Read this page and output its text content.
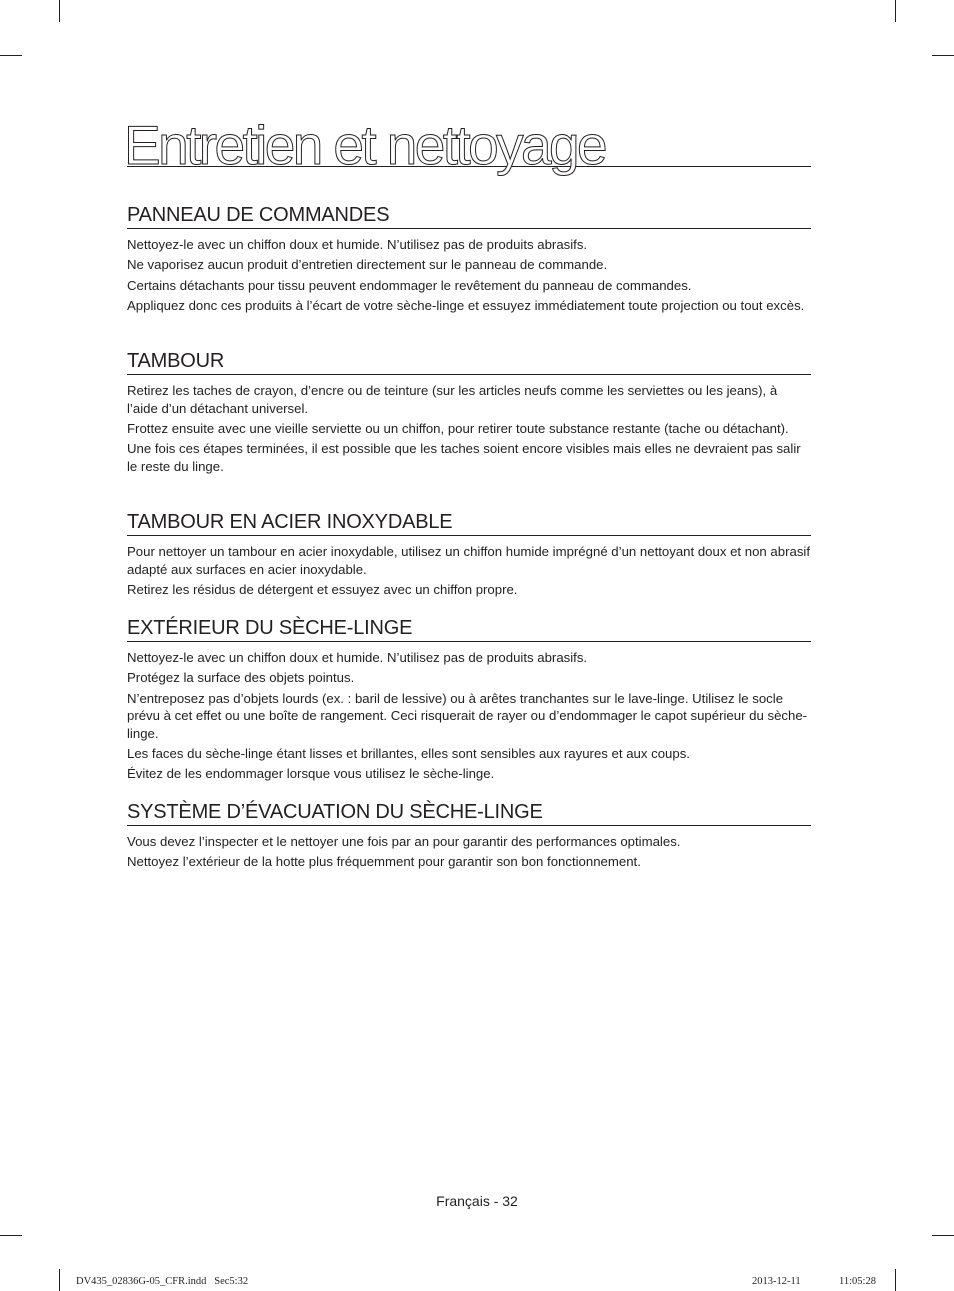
Entretien et nettoyage
PANNEAU DE COMMANDES

Nettoyez-le avec un chiffon doux et humide. N’utilisez pas de produits abrasifs.

Ne vaporisez aucun produit d’entretien directement sur le panneau de commande.

Certains détachants pour tissu peuvent endommager le revêtement du panneau de commandes.

Appliquez donc ces produits à l’écart de votre sèche-linge et essuyez immédiatement toute projection ou tout excès.

TAMBOUR

Retirez les taches de crayon, d’encre ou de teinture (sur les articles neufs comme les serviettes ou les jeans), à l’aide d’un détachant universel.

Frottez ensuite avec une vieille serviette ou un chiffon, pour retirer toute substance restante (tache ou détachant).

Une fois ces étapes terminées, il est possible que les taches soient encore visibles mais elles ne devraient pas salir le reste du linge.

TAMBOUR EN ACIER INOXYDABLE

Pour nettoyer un tambour en acier inoxydable, utilisez un chiffon humide imprégné d’un nettoyant doux et non abrasif adapté aux surfaces en acier inoxydable.

Retirez les résidus de détergent et essuyez avec un chiffon propre.

EXTÉRIEUR DU SÈCHE-LINGE

Nettoyez-le avec un chiffon doux et humide. N’utilisez pas de produits abrasifs.

Protégez la surface des objets pointus.

N’entreposez pas d’objets lourds (ex. : baril de lessive) ou à arêtes tranchantes sur le lave-linge. Utilisez le socle prévu à cet effet ou une boîte de rangement. Ceci risquerait de rayer ou d’endommager le capot supérieur du sèche-linge.

Les faces du sèche-linge étant lisses et brillantes, elles sont sensibles aux rayures et aux coups.

Évitez de les endommager lorsque vous utilisez le sèche-linge.

SYSTÈME D’ÉVACUATION DU SÈCHE-LINGE

Vous devez l’inspecter et le nettoyer une fois par an pour garantir des performances optimales.

Nettoyez l’extérieur de la hotte plus fréquemment pour garantir son bon fonctionnement.

Français - 32
DV435_02836G-05_CFR.indd   Sec5:32	2013-12-11	11:05:28
